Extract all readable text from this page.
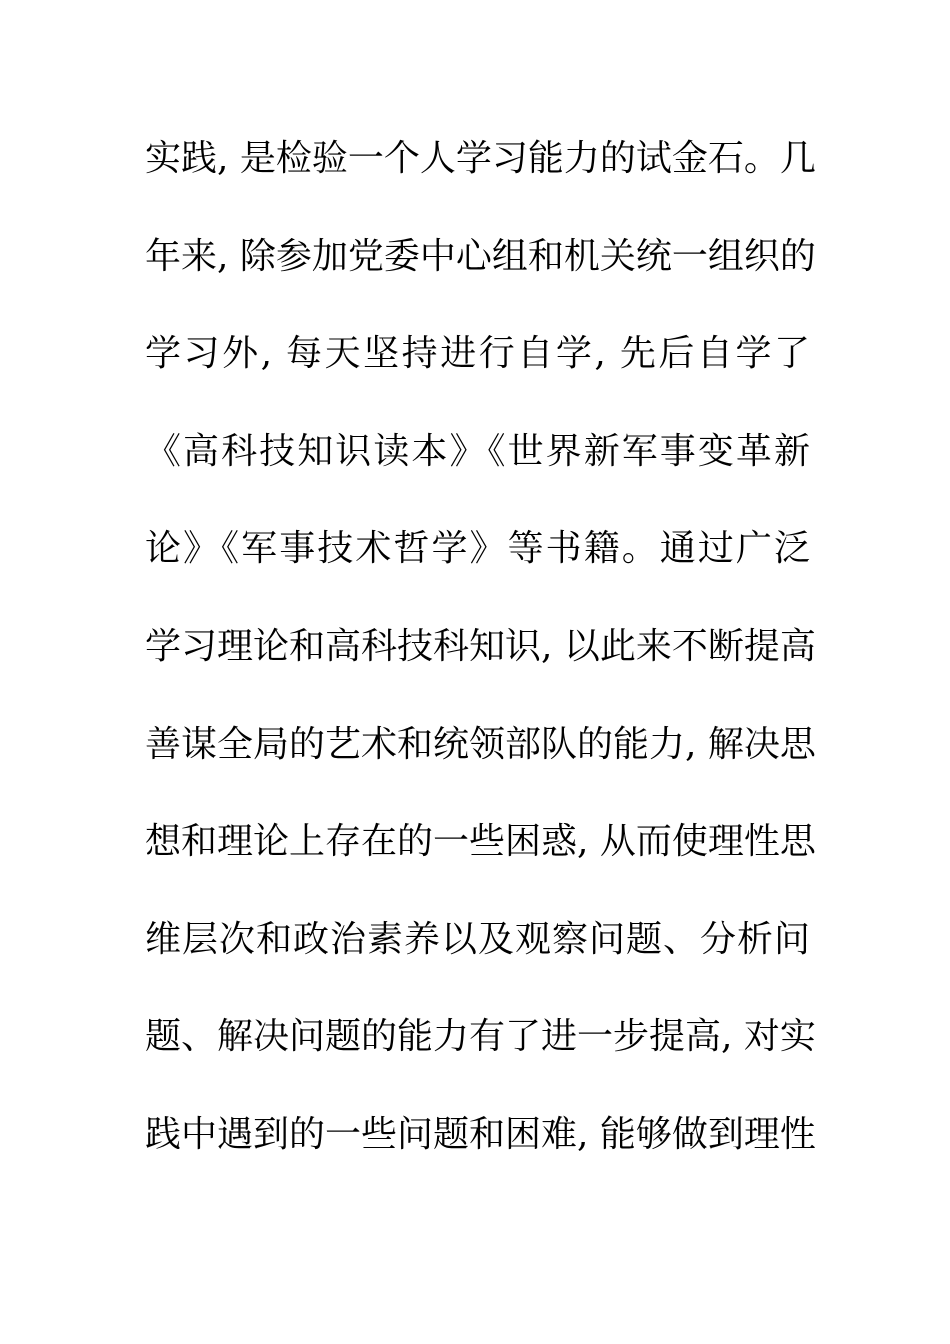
实践, 是检验一个人学习能力的试金石。几
年来, 除参加党委中心组和机关统一组织的
学习外, 每天坚持进行自学, 先后自学了
《高科技知识读本》《世界新军事变革新
论》《军事技术哲学》等书籍。通过广泛
学习理论和高科技科知识, 以此来不断提高
善谋全局的艺术和统领部队的能力, 解决思
想和理论上存在的一些困惑, 从而使理性思
维层次和政治素养以及观察问题、分析问
题、解决问题的能力有了进一步提高, 对实
践中遇到的一些问题和困难, 能够做到理性
